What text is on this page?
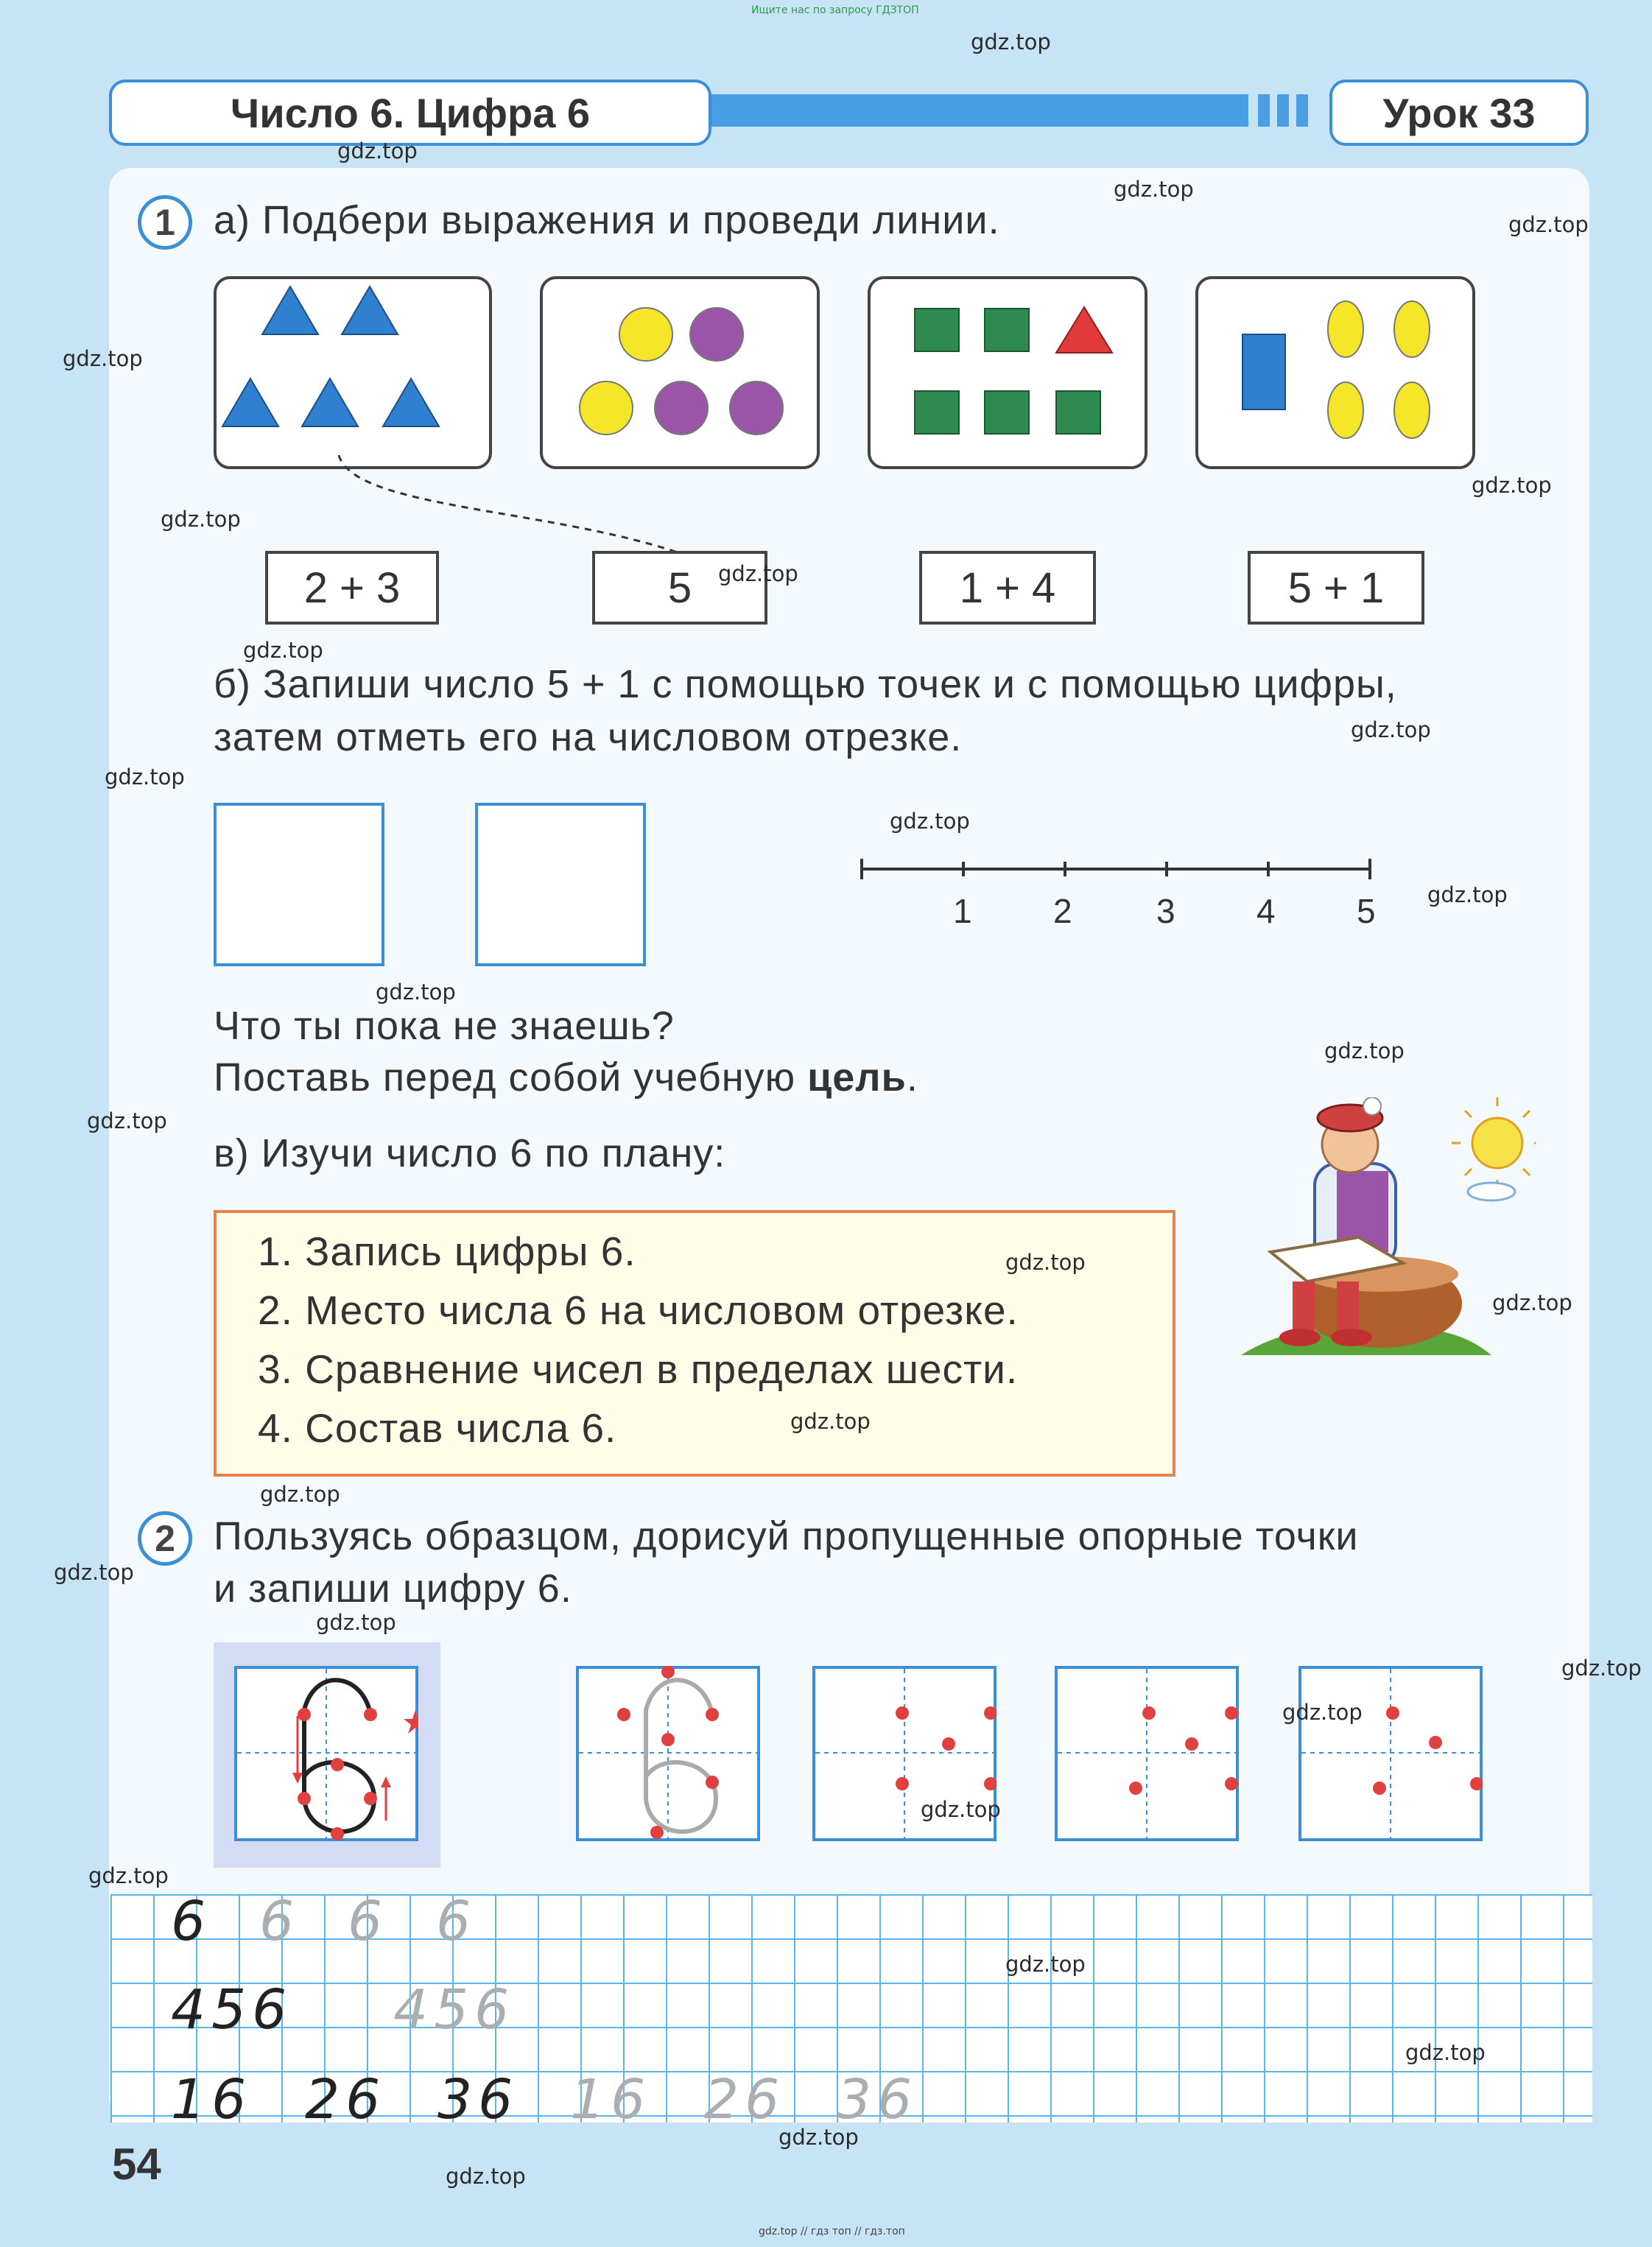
Ищите нас по запросу ГДЗТОП
gdz.top // гдз топ // гдз.топ
Число 6. Цифра 6	Урок 33
1 а) Подбери выражения и проведи линии.
2 + 3	5	1 + 4	5 + 1
б) Запиши число 5 + 1 с помощью точек и с помощью цифры,
затем отметь его на числовом отрезке.
1 2 3 4 5
Что ты пока не знаешь?
Поставь перед собой учебную цель.
в) Изучи число 6 по плану:
1. Запись цифры 6.
2. Место числа 6 на числовом отрезке.
3. Сравнение чисел в пределах шести.
4. Состав числа 6.
2 Пользуясь образцом, дорисуй пропущенные опорные точки
и запиши цифру 6.
6 6 6 6
456 456
16 26 36 16 26 36
54
gdz.top
gdz.top
gdz.top
gdz.top
gdz.top
gdz.top
gdz.top
gdz.top
gdz.top
gdz.top
gdz.top
gdz.top
gdz.top
gdz.top
gdz.top
gdz.top
gdz.top
gdz.top
gdz.top
gdz.top
gdz.top
gdz.top
gdz.top
gdz.top
gdz.top
gdz.top
gdz.top
gdz.top
gdz.top
gdz.top
